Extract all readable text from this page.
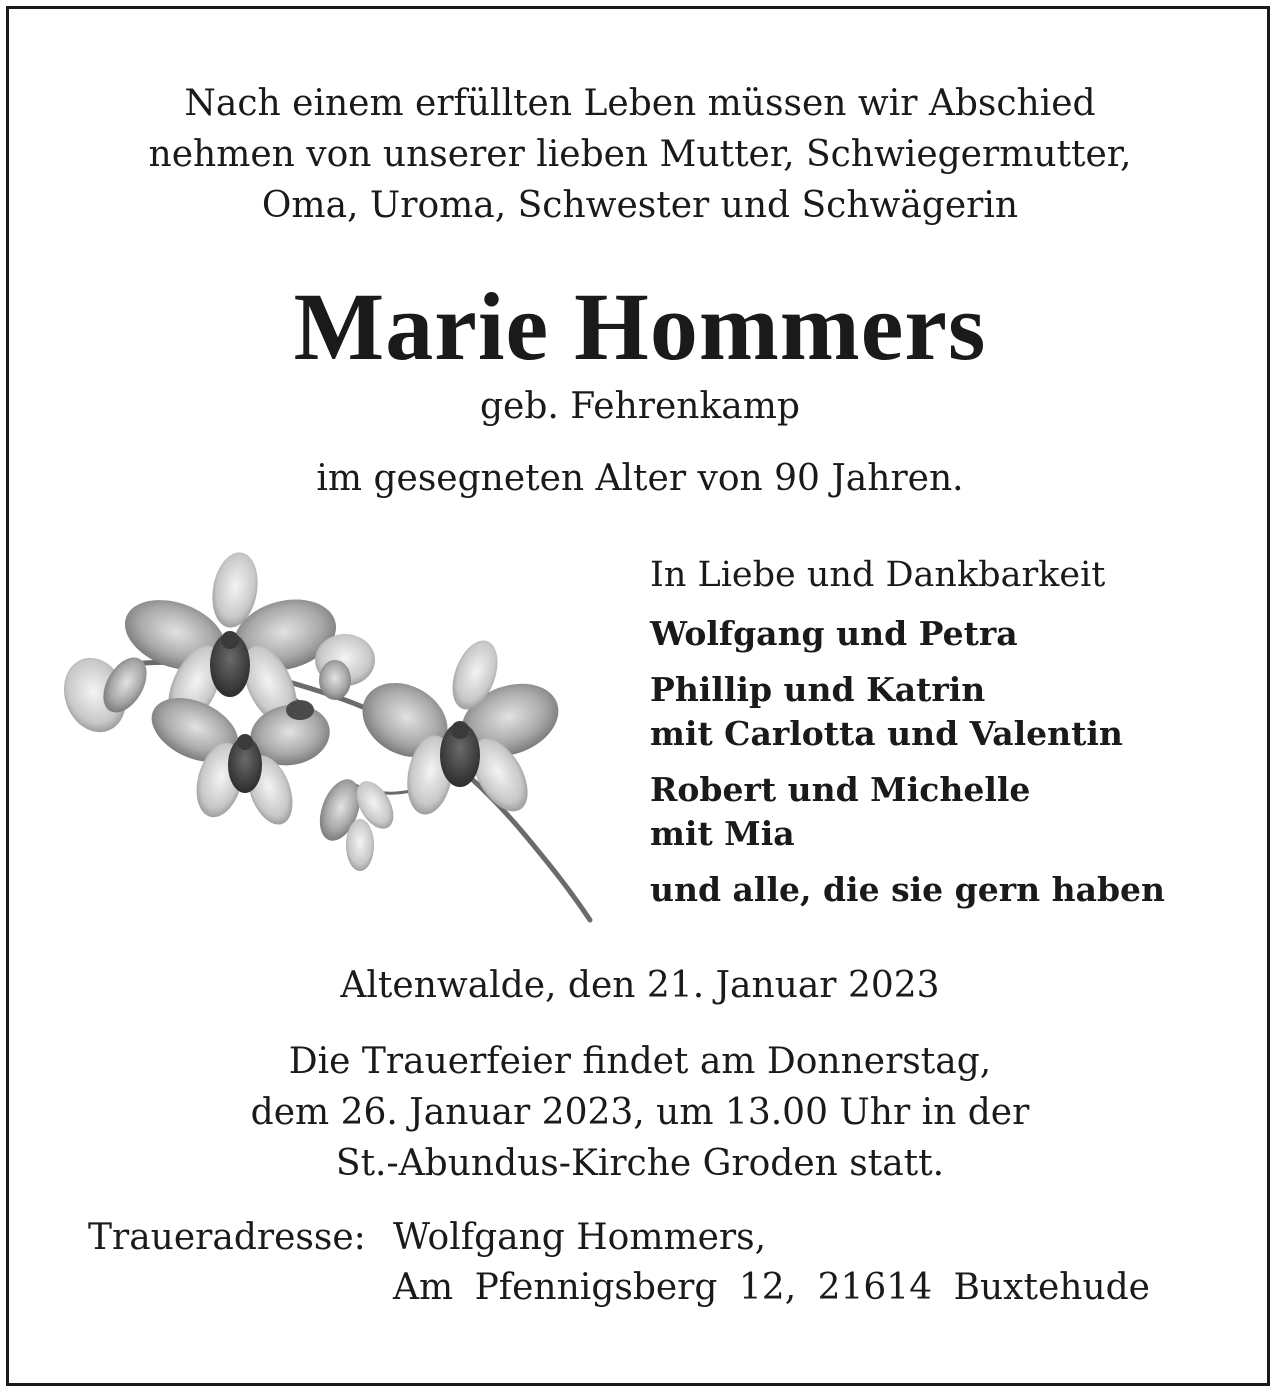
Nach einem erfüllten Leben müssen wir Abschied
nehmen von unserer lieben Mutter, Schwiegermutter,
Oma, Uroma, Schwester und Schwägerin
Marie Hommers
geb. Fehrenkamp
im gesegneten Alter von 90 Jahren.
In Liebe und Dankbarkeit
Wolfgang und Petra
Phillip und Katrin
mit Carlotta und Valentin
Robert und Michelle
mit Mia
und alle, die sie gern haben
Altenwalde, den 21. Januar 2023
Die Trauerfeier findet am Donnerstag,
dem 26. Januar 2023, um 13.00 Uhr in der
St.-Abundus-Kirche Groden statt.
Traueradresse: Wolfgang Hommers,
Am Pfennigsberg 12, 21614 Buxtehude
